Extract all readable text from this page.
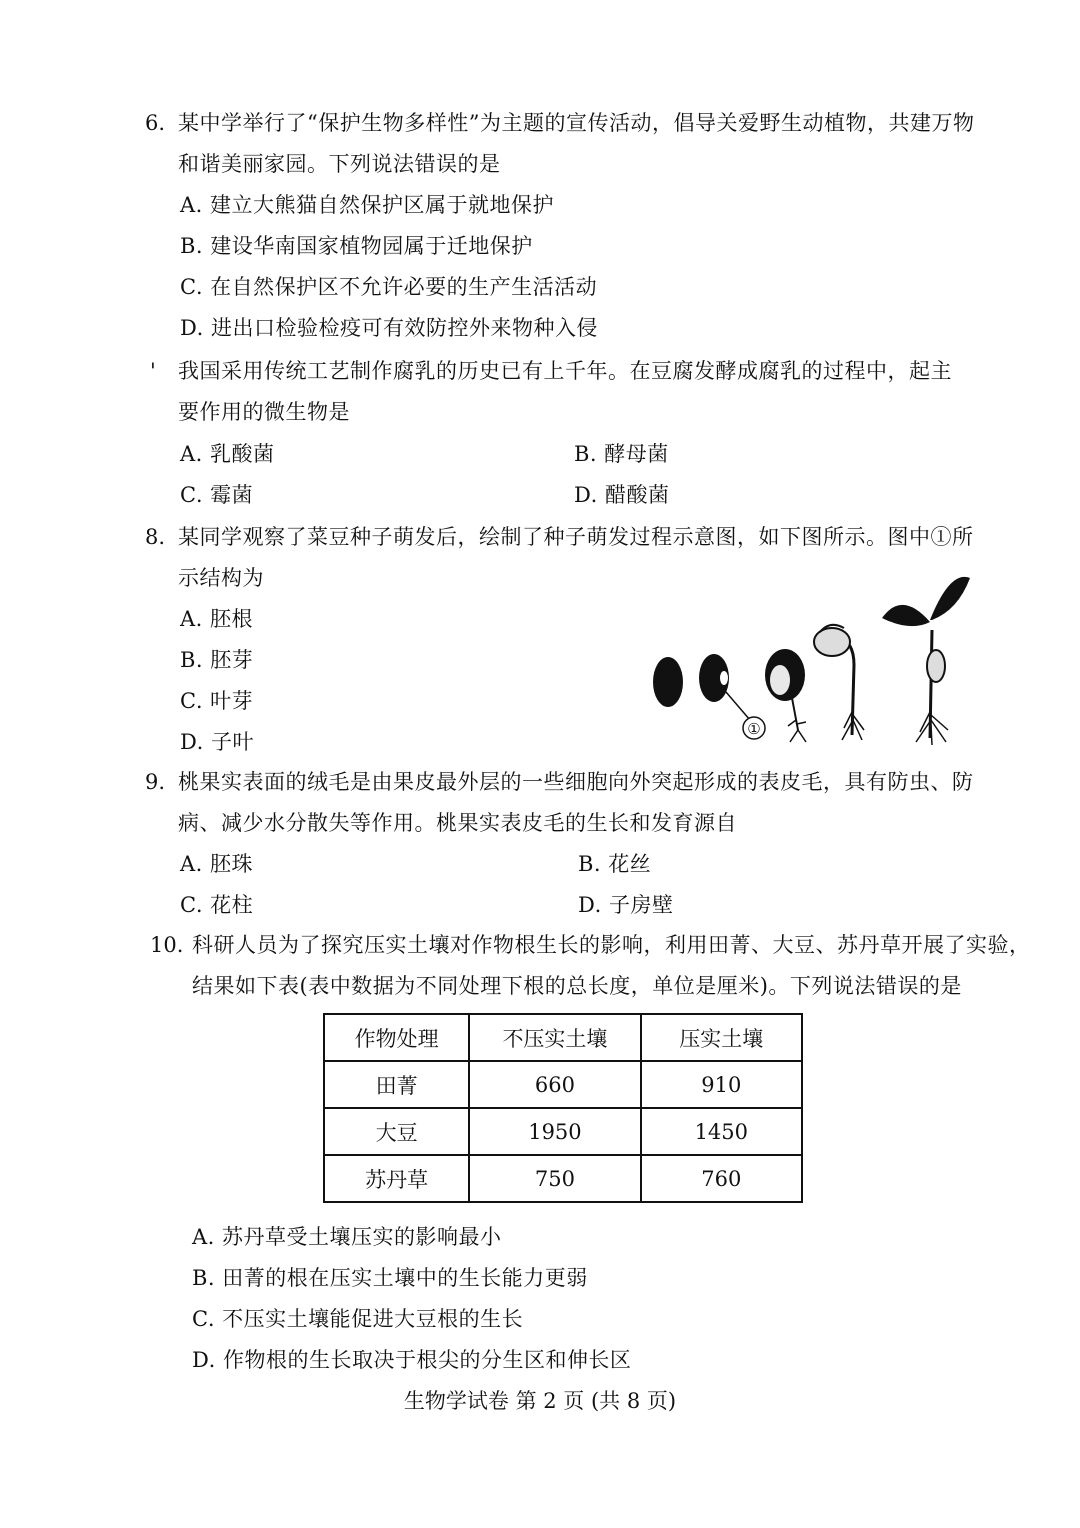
6. 某中学举行了“保护生物多样性”为主题的宣传活动，倡导关爱野生动植物，共建万物
和谐美丽家园。下列说法错误的是
A. 建立大熊猫自然保护区属于就地保护
B. 建设华南国家植物园属于迁地保护
C. 在自然保护区不允许必要的生产生活活动
D. 进出口检验检疫可有效防控外来物种入侵
' 我国采用传统工艺制作腐乳的历史已有上千年。在豆腐发酵成腐乳的过程中，起主
要作用的微生物是
A. 乳酸菌	B. 酵母菌
C. 霉菌	D. 醋酸菌
8. 某同学观察了菜豆种子萌发后，绘制了种子萌发过程示意图，如下图所示。图中①所
示结构为
A. 胚根
B. 胚芽
C. 叶芽
D. 子叶
①
9. 桃果实表面的绒毛是由果皮最外层的一些细胞向外突起形成的表皮毛，具有防虫、防
病、减少水分散失等作用。桃果实表皮毛的生长和发育源自
A. 胚珠	B. 花丝
C. 花柱	D. 子房壁
10. 科研人员为了探究压实土壤对作物根生长的影响，利用田菁、大豆、苏丹草开展了实验，
结果如下表(表中数据为不同处理下根的总长度，单位是厘米)。下列说法错误的是
作物处理	不压实土壤	压实土壤
田菁	660	910
大豆	1950	1450
苏丹草	750	760
A. 苏丹草受土壤压实的影响最小
B. 田菁的根在压实土壤中的生长能力更弱
C. 不压实土壤能促进大豆根的生长
D. 作物根的生长取决于根尖的分生区和伸长区
生物学试卷 第 2 页 (共 8 页)
